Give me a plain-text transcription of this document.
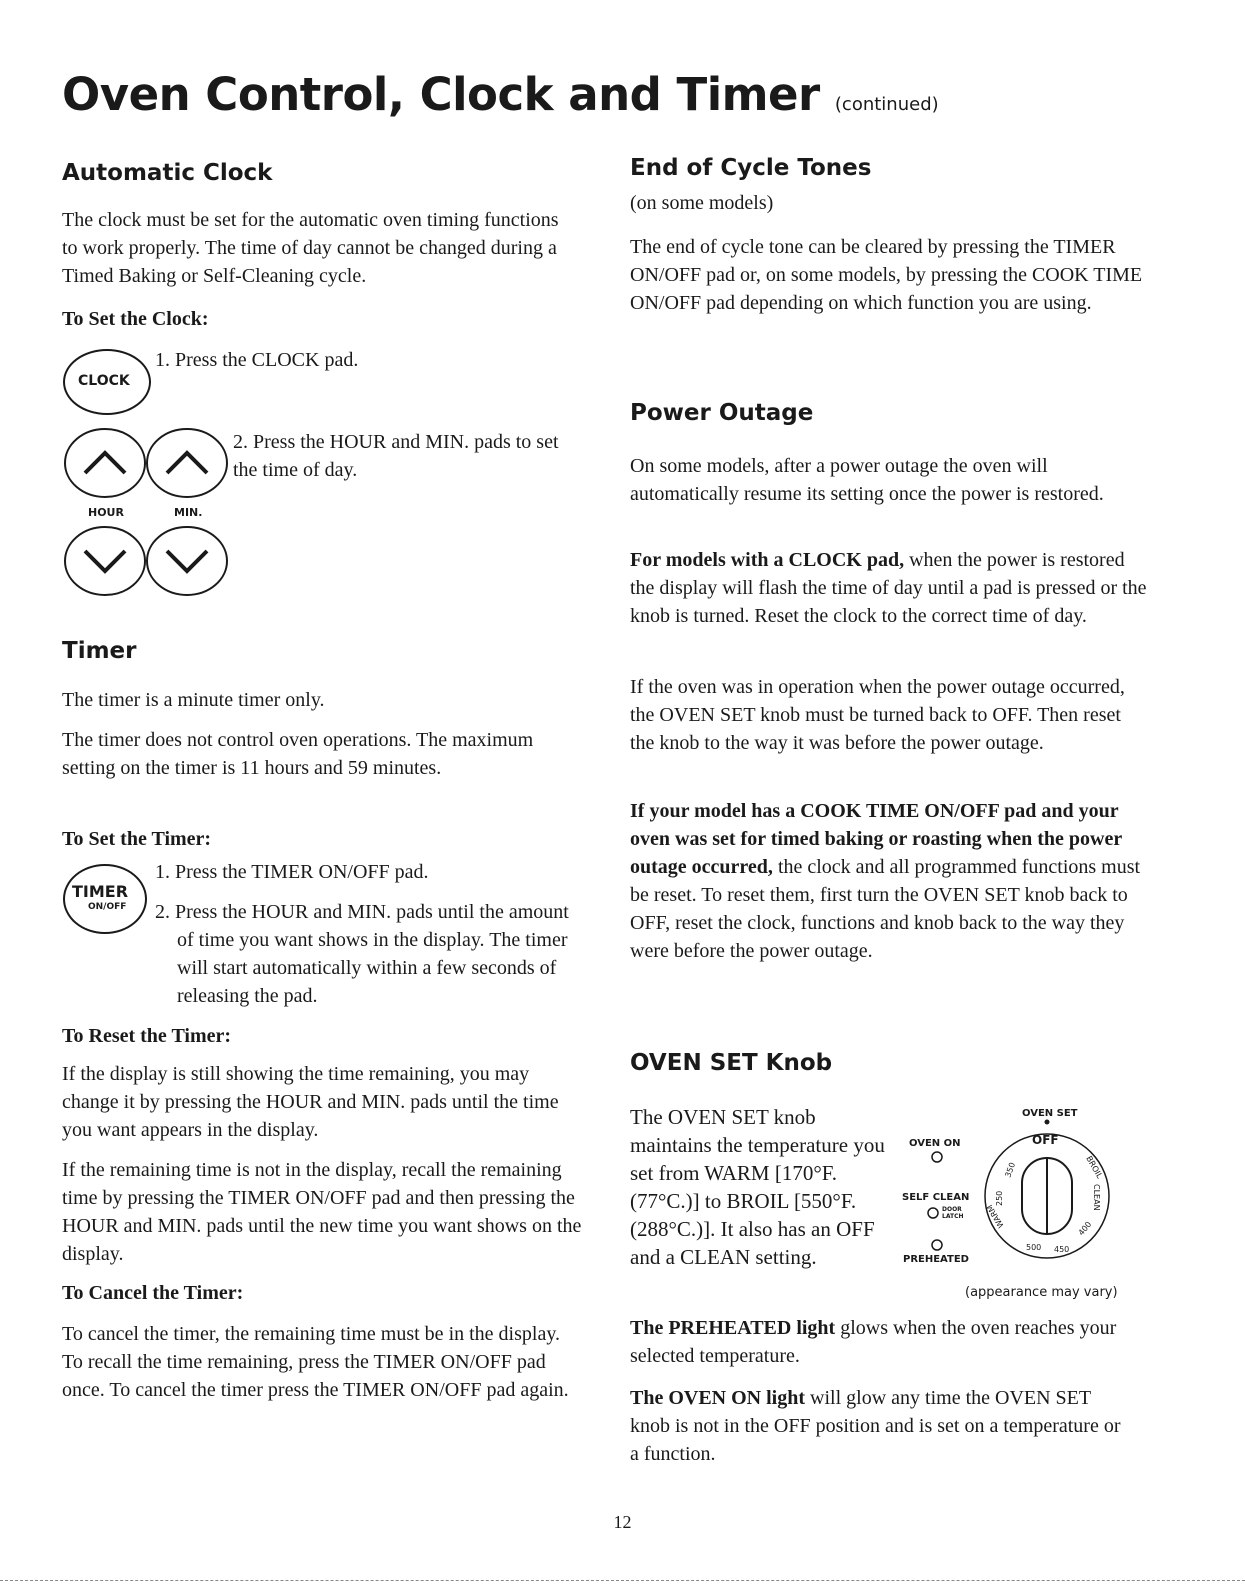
Oven Control, Clock and Timer (continued)
Automatic Clock

The clock must be set for the automatic oven timing functions to work properly. The time of day cannot be changed during a Timed Baking or Self-Cleaning cycle.

To Set the Clock:
CLOCK

1. Press the CLOCK pad.

HOUR	MIN.

2. Press the HOUR and MIN. pads to set the time of day.

Timer

The timer is a minute timer only.

The timer does not control oven operations. The maximum setting on the timer is 11 hours and 59 minutes.

To Set the Timer:
TIMER
ON/OFF

1. Press the TIMER ON/OFF pad.

2. Press the HOUR and MIN. pads until the amount of time you want shows in the display. The timer will start automatically within a few seconds of releasing the pad.

To Reset the Timer:

If the display is still showing the time remaining, you may change it by pressing the HOUR and MIN. pads until the time you want appears in the display.

If the remaining time is not in the display, recall the remaining time by pressing the TIMER ON/OFF pad and then pressing the HOUR and MIN. pads until the new time you want shows on the display.

To Cancel the Timer:

To cancel the timer, the remaining time must be in the display. To recall the time remaining, press the TIMER ON/OFF pad once. To cancel the timer press the TIMER ON/OFF pad again.

End of Cycle Tones

(on some models)

The end of cycle tone can be cleared by pressing the TIMER ON/OFF pad or, on some models, by pressing the COOK TIME ON/OFF pad depending on which function you are using.

Power Outage

On some models, after a power outage the oven will automatically resume its setting once the power is restored.

For models with a CLOCK pad, when the power is restored the display will flash the time of day until a pad is pressed or the knob is turned. Reset the clock to the correct time of day.

If the oven was in operation when the power outage occurred, the OVEN SET knob must be turned back to OFF. Then reset the knob to the way it was before the power outage.

If your model has a COOK TIME ON/OFF pad and your oven was set for timed baking or roasting when the power outage occurred, the clock and all programmed functions must be reset. To reset them, first turn the OVEN SET knob back to OFF, reset the clock, functions and knob back to the way they were before the power outage.

OVEN SET Knob

The OVEN SET knob maintains the temperature you set from WARM [170°F. (77°C.)] to BROIL [550°F. (288°C.)]. It also has an OFF and a CLEAN setting.

OVEN SET
OVEN ON
SELF CLEAN
DOOR LATCH
PREHEATED
350
250
WARM
500 450
400
BROIL
CLEAN
OFF
(appearance may vary)

The PREHEATED light glows when the oven reaches your selected temperature.

The OVEN ON light will glow any time the OVEN SET knob is not in the OFF position and is set on a temperature or a function.

12
